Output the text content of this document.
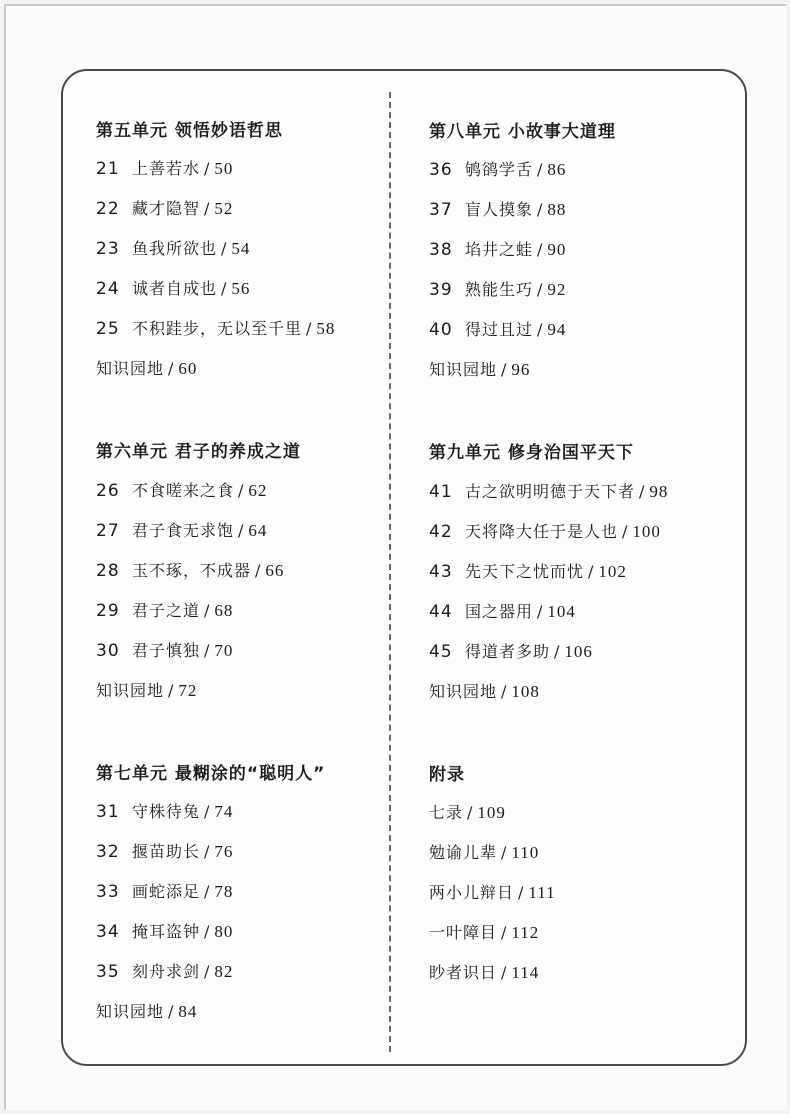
第五单元 领悟妙语哲思
21 上善若水 / 50
22 藏才隐智 / 52
23 鱼我所欲也 / 54
24 诚者自成也 / 56
25 不积跬步，无以至千里 / 58
知识园地 / 60
第六单元 君子的养成之道
26 不食嗟来之食 / 62
27 君子食无求饱 / 64
28 玉不琢，不成器 / 66
29 君子之道 / 68
30 君子慎独 / 70
知识园地 / 72
第七单元 最糊涂的“聪明人”
31 守株待兔 / 74
32 揠苗助长 / 76
33 画蛇添足 / 78
34 掩耳盗钟 / 80
35 刻舟求剑 / 82
知识园地 / 84
第八单元 小故事大道理
36 鸲鹆学舌 / 86
37 盲人摸象 / 88
38 埳井之蛙 / 90
39 熟能生巧 / 92
40 得过且过 / 94
知识园地 / 96
第九单元 修身治国平天下
41 古之欲明明德于天下者 / 98
42 天将降大任于是人也 / 100
43 先天下之忧而忧 / 102
44 国之器用 / 104
45 得道者多助 / 106
知识园地 / 108
附录
七录 / 109
勉谕儿辈 / 110
两小儿辩日 / 111
一叶障目 / 112
眇者识日 / 114
